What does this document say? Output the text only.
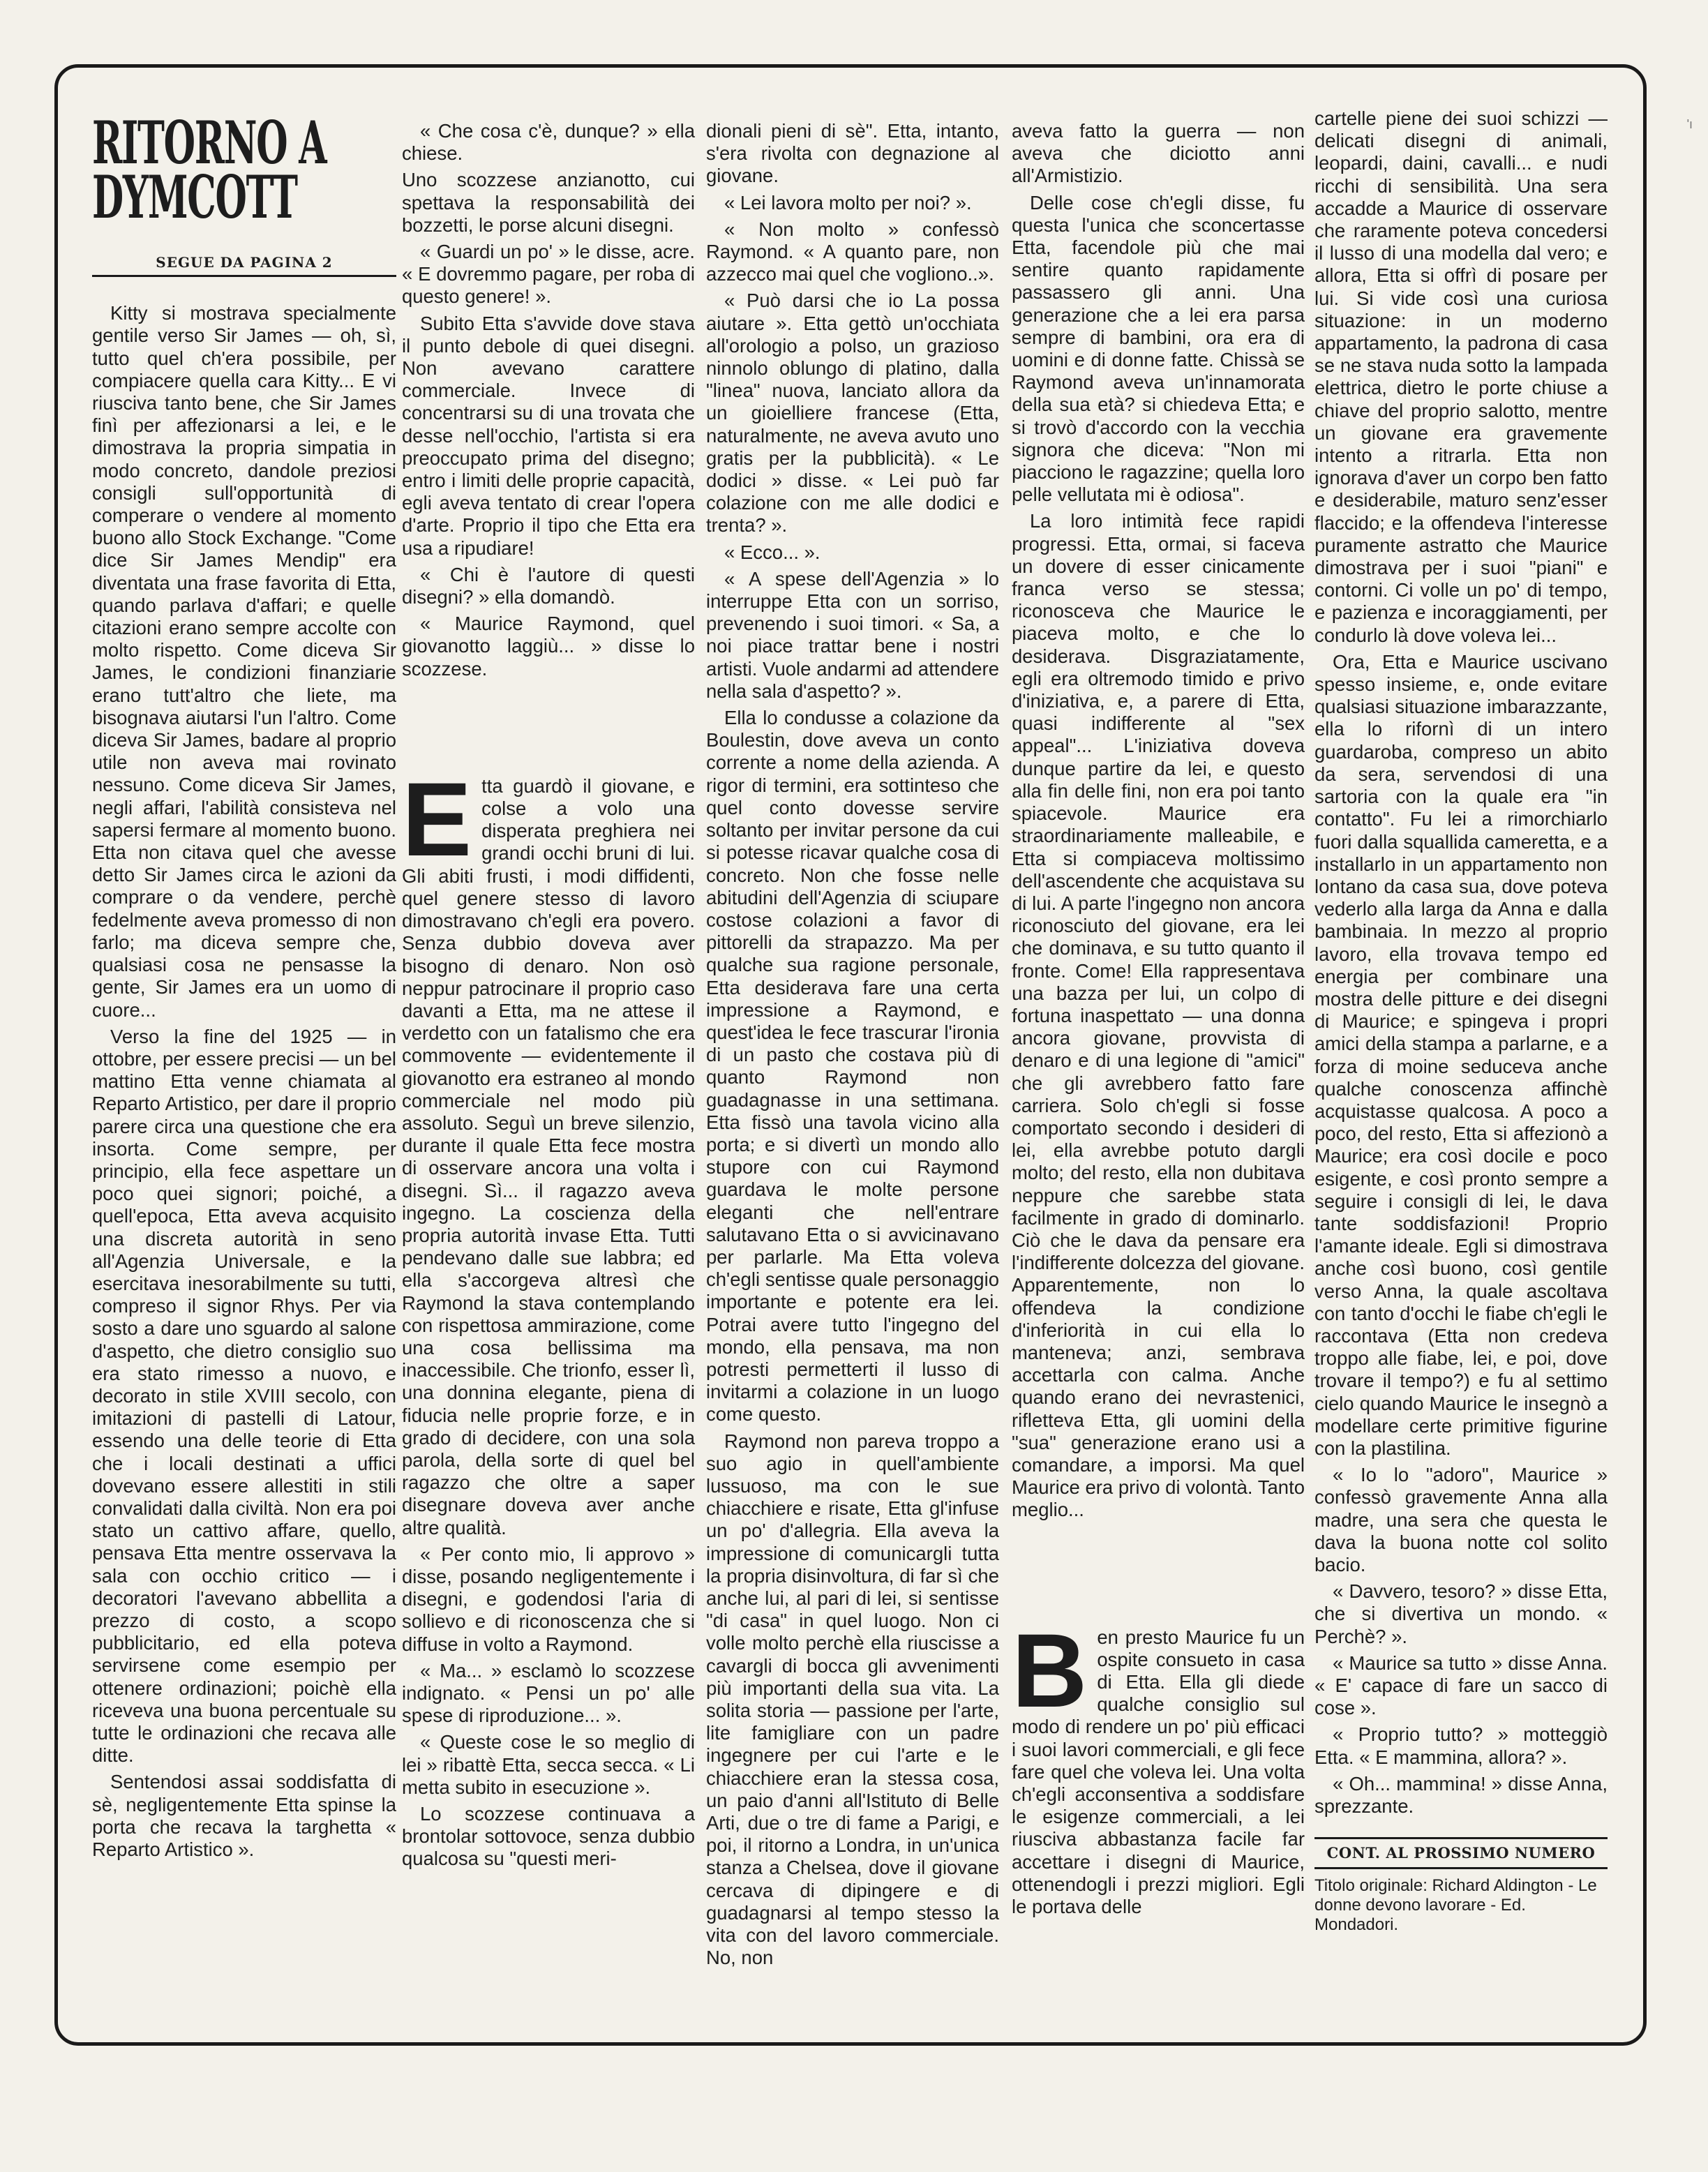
'ı
RITORNO A
DYMCOTT
SEGUE DA PAGINA 2

Kitty si mostrava specialmente gentile verso Sir James — oh, sì, tutto quel ch'era possibile, per compiacere quella cara Kitty... E vi riusciva tanto bene, che Sir James finì per affezionarsi a lei, e le dimostrava la propria simpatia in modo concreto, dandole preziosi consigli sull'opportunità di comperare o vendere al momento buono allo Stock Exchange. "Come dice Sir James Mendip" era diventata una frase favorita di Etta, quando parlava d'affari; e quelle citazioni erano sempre accolte con molto rispetto. Come diceva Sir James, le condizioni finanziarie erano tutt'altro che liete, ma bisognava aiutarsi l'un l'altro. Come diceva Sir James, badare al proprio utile non aveva mai rovinato nessuno. Come diceva Sir James, negli affari, l'abilità consisteva nel sapersi fermare al momento buono. Etta non citava quel che avesse detto Sir James circa le azioni da comprare o da vendere, perchè fedelmente aveva promesso di non farlo; ma diceva sempre che, qualsiasi cosa ne pensasse la gente, Sir James era un uomo di cuore...

Verso la fine del 1925 — in ottobre, per essere precisi — un bel mattino Etta venne chiamata al Reparto Artistico, per dare il proprio parere circa una questione che era insorta. Come sempre, per principio, ella fece aspettare un poco quei signori; poiché, a quell'epoca, Etta aveva acquisito una discreta autorità in seno all'Agenzia Universale, e la esercitava inesorabilmente su tutti, compreso il signor Rhys. Per via sosto a dare uno sguardo al salone d'aspetto, che dietro consiglio suo era stato rimesso a nuovo, e decorato in stile XVIII secolo, con imitazioni di pastelli di Latour, essendo una delle teorie di Etta che i locali destinati a uffici dovevano essere allestiti in stili convalidati dalla civiltà. Non era poi stato un cattivo affare, quello, pensava Etta mentre osservava la sala con occhio critico — i decoratori l'avevano abbellita a prezzo di costo, a scopo pubblicitario, ed ella poteva servirsene come esempio per ottenere ordinazioni; poichè ella riceveva una buona percentuale su tutte le ordinazioni che recava alle ditte.

Sentendosi assai soddisfatta di sè, negligentemente Etta spinse la porta che recava la targhetta « Reparto Artistico ».

« Che cosa c'è, dunque? » ella chiese.

Uno scozzese anzianotto, cui spettava la responsabilità dei bozzetti, le porse alcuni disegni.

« Guardi un po' » le disse, acre. « E dovremmo pagare, per roba di questo genere! ».

Subito Etta s'avvide dove stava il punto debole di quei disegni. Non avevano carattere commerciale. Invece di concentrarsi su di una trovata che desse nell'occhio, l'artista si era preoccupato prima del disegno; entro i limiti delle proprie capacità, egli aveva tentato di crear l'opera d'arte. Proprio il tipo che Etta era usa a ripudiare!

« Chi è l'autore di questi disegni? » ella domandò.

« Maurice Raymond, quel giovanotto laggiù... » disse lo scozzese.

E tta guardò il giovane, e colse a volo una disperata preghiera nei grandi occhi bruni di lui. Gli abiti frusti, i modi diffidenti, quel genere stesso di lavoro dimostravano ch'egli era povero. Senza dubbio doveva aver bisogno di denaro. Non osò neppur patrocinare il proprio caso davanti a Etta, ma ne attese il verdetto con un fatalismo che era commovente — evidentemente il giovanotto era estraneo al mondo commerciale nel modo più assoluto. Seguì un breve silenzio, durante il quale Etta fece mostra di osservare ancora una volta i disegni. Sì... il ragazzo aveva ingegno. La coscienza della propria autorità invase Etta. Tutti pendevano dalle sue labbra; ed ella s'accorgeva altresì che Raymond la stava contemplando con rispettosa ammirazione, come una cosa bellissima ma inaccessibile. Che trionfo, esser lì, una donnina elegante, piena di fiducia nelle proprie forze, e in grado di decidere, con una sola parola, della sorte di quel bel ragazzo che oltre a saper disegnare doveva aver anche altre qualità.

« Per conto mio, li approvo » disse, posando negligentemente i disegni, e godendosi l'aria di sollievo e di riconoscenza che si diffuse in volto a Raymond.

« Ma... » esclamò lo scozzese indignato. « Pensi un po' alle spese di riproduzione... ».

« Queste cose le so meglio di lei » ribattè Etta, secca secca. « Li metta subito in esecuzione ».

Lo scozzese continuava a brontolar sottovoce, senza dubbio qualcosa su "questi meri-

dionali pieni di sè". Etta, intanto, s'era rivolta con degnazione al giovane.

« Lei lavora molto per noi? ».

« Non molto » confessò Raymond. « A quanto pare, non azzecco mai quel che vogliono..».

« Può darsi che io La possa aiutare ». Etta gettò un'occhiata all'orologio a polso, un grazioso ninnolo oblungo di platino, dalla "linea" nuova, lanciato allora da un gioielliere francese (Etta, naturalmente, ne aveva avuto uno gratis per la pubblicità). « Le dodici » disse. « Lei può far colazione con me alle dodici e trenta? ».

« Ecco... ».

« A spese dell'Agenzia » lo interruppe Etta con un sorriso, prevenendo i suoi timori. « Sa, a noi piace trattar bene i nostri artisti. Vuole andarmi ad attendere nella sala d'aspetto? ».

Ella lo condusse a colazione da Boulestin, dove aveva un conto corrente a nome della azienda. A rigor di termini, era sottinteso che quel conto dovesse servire soltanto per invitar persone da cui si potesse ricavar qualche cosa di concreto. Non che fosse nelle abitudini dell'Agenzia di sciupare costose colazioni a favor di pittorelli da strapazzo. Ma per qualche sua ragione personale, Etta desiderava fare una certa impressione a Raymond, e quest'idea le fece trascurar l'ironia di un pasto che costava più di quanto Raymond non guadagnasse in una settimana. Etta fissò una tavola vicino alla porta; e si divertì un mondo allo stupore con cui Raymond guardava le molte persone eleganti che nell'entrare salutavano Etta o si avvicinavano per parlarle. Ma Etta voleva ch'egli sentisse quale personaggio importante e potente era lei. Potrai avere tutto l'ingegno del mondo, ella pensava, ma non potresti permetterti il lusso di invitarmi a colazione in un luogo come questo.

Raymond non pareva troppo a suo agio in quell'ambiente lussuoso, ma con le sue chiacchiere e risate, Etta gl'infuse un po' d'allegria. Ella aveva la impressione di comunicargli tutta la propria disinvoltura, di far sì che anche lui, al pari di lei, si sentisse "di casa" in quel luogo. Non ci volle molto perchè ella riuscisse a cavargli di bocca gli avvenimenti più importanti della sua vita. La solita storia — passione per l'arte, lite famigliare con un padre ingegnere per cui l'arte e le chiacchiere eran la stessa cosa, un paio d'anni all'Istituto di Belle Arti, due o tre di fame a Parigi, e poi, il ritorno a Londra, in un'unica stanza a Chelsea, dove il giovane cercava di dipingere e di guadagnarsi al tempo stesso la vita con del lavoro commerciale. No, non

aveva fatto la guerra — non aveva che diciotto anni all'Armistizio.

Delle cose ch'egli disse, fu questa l'unica che sconcertasse Etta, facendole più che mai sentire quanto rapidamente passassero gli anni. Una generazione che a lei era parsa sempre di bambini, ora era di uomini e di donne fatte. Chissà se Raymond aveva un'innamorata della sua età? si chiedeva Etta; e si trovò d'accordo con la vecchia signora che diceva: "Non mi piacciono le ragazzine; quella loro pelle vellutata mi è odiosa".

La loro intimità fece rapidi progressi. Etta, ormai, si faceva un dovere di esser cinicamente franca verso se stessa; riconosceva che Maurice le piaceva molto, e che lo desiderava. Disgraziatamente, egli era oltremodo timido e privo d'iniziativa, e, a parere di Etta, quasi indifferente al "sex appeal"... L'iniziativa doveva dunque partire da lei, e questo alla fin delle fini, non era poi tanto spiacevole. Maurice era straordinariamente malleabile, e Etta si compiaceva moltissimo dell'ascendente che acquistava su di lui. A parte l'ingegno non ancora riconosciuto del giovane, era lei che dominava, e su tutto quanto il fronte. Come! Ella rappresentava una bazza per lui, un colpo di fortuna inaspettato — una donna ancora giovane, provvista di denaro e di una legione di "amici" che gli avrebbero fatto fare carriera. Solo ch'egli si fosse comportato secondo i desideri di lei, ella avrebbe potuto dargli molto; del resto, ella non dubitava neppure che sarebbe stata facilmente in grado di dominarlo. Ciò che le dava da pensare era l'indifferente dolcezza del giovane. Apparentemente, non lo offendeva la condizione d'inferiorità in cui ella lo manteneva; anzi, sembrava accettarla con calma. Anche quando erano dei nevrastenici, rifletteva Etta, gli uomini della "sua" generazione erano usi a comandare, a imporsi. Ma quel Maurice era privo di volontà. Tanto meglio...

B en presto Maurice fu un ospite consueto in casa di Etta. Ella gli diede qualche consiglio sul modo di rendere un po' più efficaci i suoi lavori commerciali, e gli fece fare quel che voleva lei. Una volta ch'egli acconsentiva a soddisfare le esigenze commerciali, a lei riusciva abbastanza facile far accettare i disegni di Maurice, ottenendogli i prezzi migliori. Egli le portava delle

cartelle piene dei suoi schizzi — delicati disegni di animali, leopardi, daini, cavalli... e nudi ricchi di sensibilità. Una sera accadde a Maurice di osservare che raramente poteva concedersi il lusso di una modella dal vero; e allora, Etta si offrì di posare per lui. Si vide così una curiosa situazione: in un moderno appartamento, la padrona di casa se ne stava nuda sotto la lampada elettrica, dietro le porte chiuse a chiave del proprio salotto, mentre un giovane era gravemente intento a ritrarla. Etta non ignorava d'aver un corpo ben fatto e desiderabile, maturo senz'esser flaccido; e la offendeva l'interesse puramente astratto che Maurice dimostrava per i suoi "piani" e contorni. Ci volle un po' di tempo, e pazienza e incoraggiamenti, per condurlo là dove voleva lei...

Ora, Etta e Maurice uscivano spesso insieme, e, onde evitare qualsiasi situazione imbarazzante, ella lo rifornì di un intero guardaroba, compreso un abito da sera, servendosi di una sartoria con la quale era "in contatto". Fu lei a rimorchiarlo fuori dalla squallida cameretta, e a installarlo in un appartamento non lontano da casa sua, dove poteva vederlo alla larga da Anna e dalla bambinaia. In mezzo al proprio lavoro, ella trovava tempo ed energia per combinare una mostra delle pitture e dei disegni di Maurice; e spingeva i propri amici della stampa a parlarne, e a forza di moine seduceva anche qualche conoscenza affinchè acquistasse qualcosa. A poco a poco, del resto, Etta si affezionò a Maurice; era così docile e poco esigente, e così pronto sempre a seguire i consigli di lei, le dava tante soddisfazioni! Proprio l'amante ideale. Egli si dimostrava anche così buono, così gentile verso Anna, la quale ascoltava con tanto d'occhi le fiabe ch'egli le raccontava (Etta non credeva troppo alle fiabe, lei, e poi, dove trovare il tempo?) e fu al settimo cielo quando Maurice le insegnò a modellare certe primitive figurine con la plastilina.

« Io lo "adoro", Maurice » confessò gravemente Anna alla madre, una sera che questa le dava la buona notte col solito bacio.

« Davvero, tesoro? » disse Etta, che si divertiva un mondo. « Perchè? ».

« Maurice sa tutto » disse Anna. « E' capace di fare un sacco di cose ».

« Proprio tutto? » motteggiò Etta. « E mammina, allora? ».

« Oh... mammina! » disse Anna, sprezzante.

CONT. AL PROSSIMO NUMERO
Titolo originale: Richard Aldington - Le donne devono lavorare - Ed. Mondadori.
